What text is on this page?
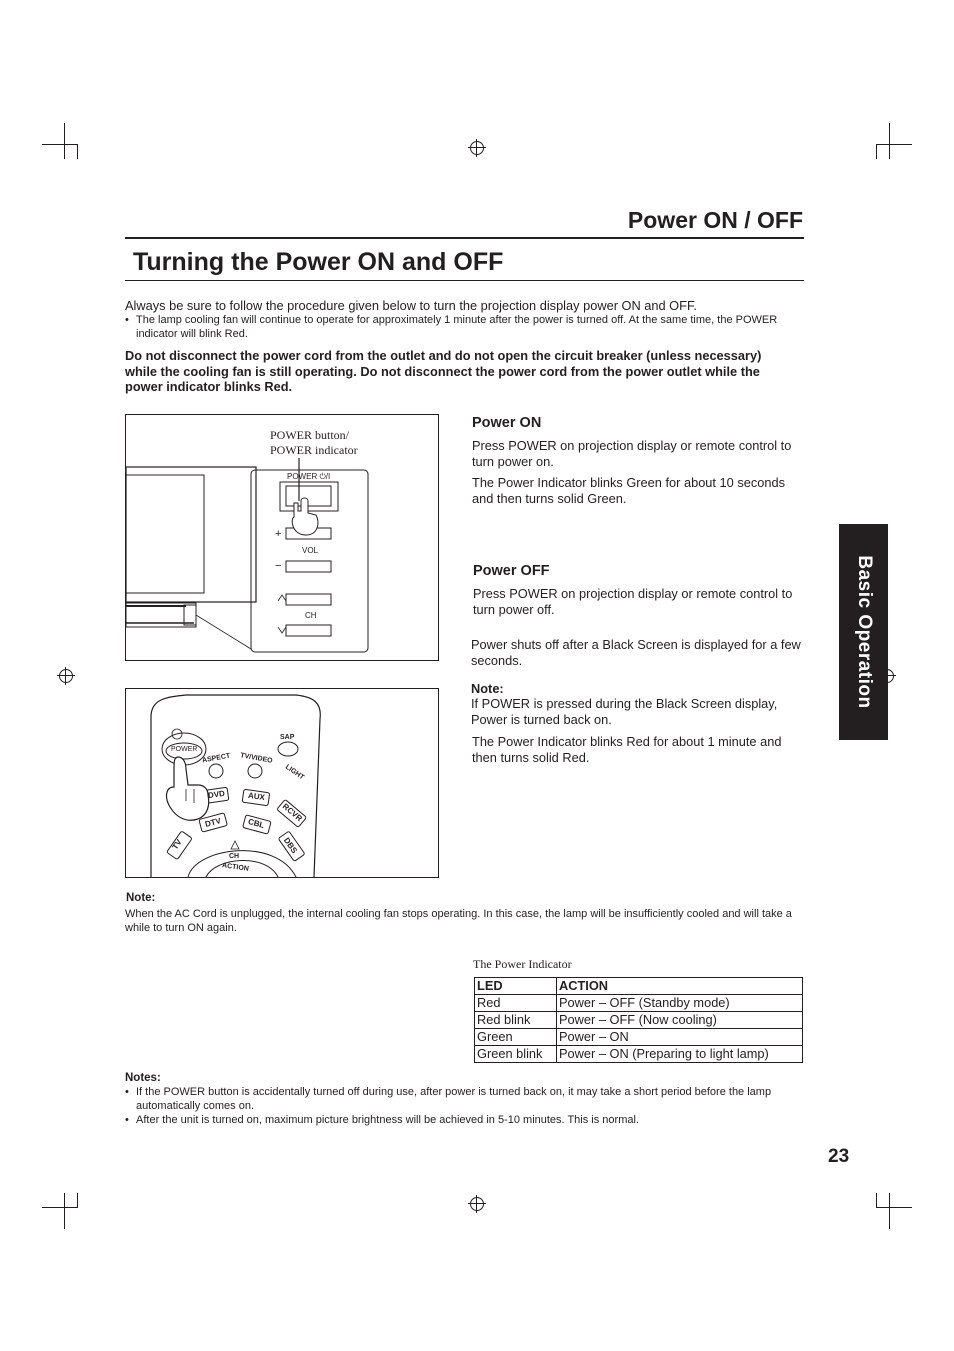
Power ON / OFF
Turning the Power ON and OFF
Always be sure to follow the procedure given below to turn the projection display power ON and OFF.
• The lamp cooling fan will continue to operate for approximately 1 minute after the power is turned off. At the same time, the POWER indicator will blink Red.
Do not disconnect the power cord from the outlet and do not open the circuit breaker (unless necessary) while the cooling fan is still operating. Do not disconnect the power cord from the power outlet while the power indicator blinks Red.
POWER button/
POWER indicator
POWER ⏻/I
+
VOL
−
CH
POWER
SAP
ASPECT TV/VIDEO
LIGHT
DVD	AUX
RCVR
DTV	CBL
DBS
TV
CH
ACTION
Power ON
Press POWER on projection display or remote control to turn power on.
The Power Indicator blinks Green for about 10 seconds and then turns solid Green.
Power OFF
Press POWER on projection display or remote control to turn power off.
Power shuts off after a Black Screen is displayed for a few seconds.
Note:
If POWER is pressed during the Black Screen display, Power is turned back on.
The Power Indicator blinks Red for about 1 minute and then turns solid Red.
Basic Operation
Note:
When the AC Cord is unplugged, the internal cooling fan stops operating. In this case, the lamp will be insufficiently cooled and will take a while to turn ON again.
The Power Indicator
LED	ACTION
Red	Power – OFF (Standby mode)
Red blink	Power – OFF (Now cooling)
Green	Power – ON
Green blink	Power – ON (Preparing to light lamp)
Notes:
• If the POWER button is accidentally turned off during use, after power is turned back on, it may take a short period before the lamp automatically comes on.
• After the unit is turned on, maximum picture brightness will be achieved in 5-10 minutes. This is normal.
23
